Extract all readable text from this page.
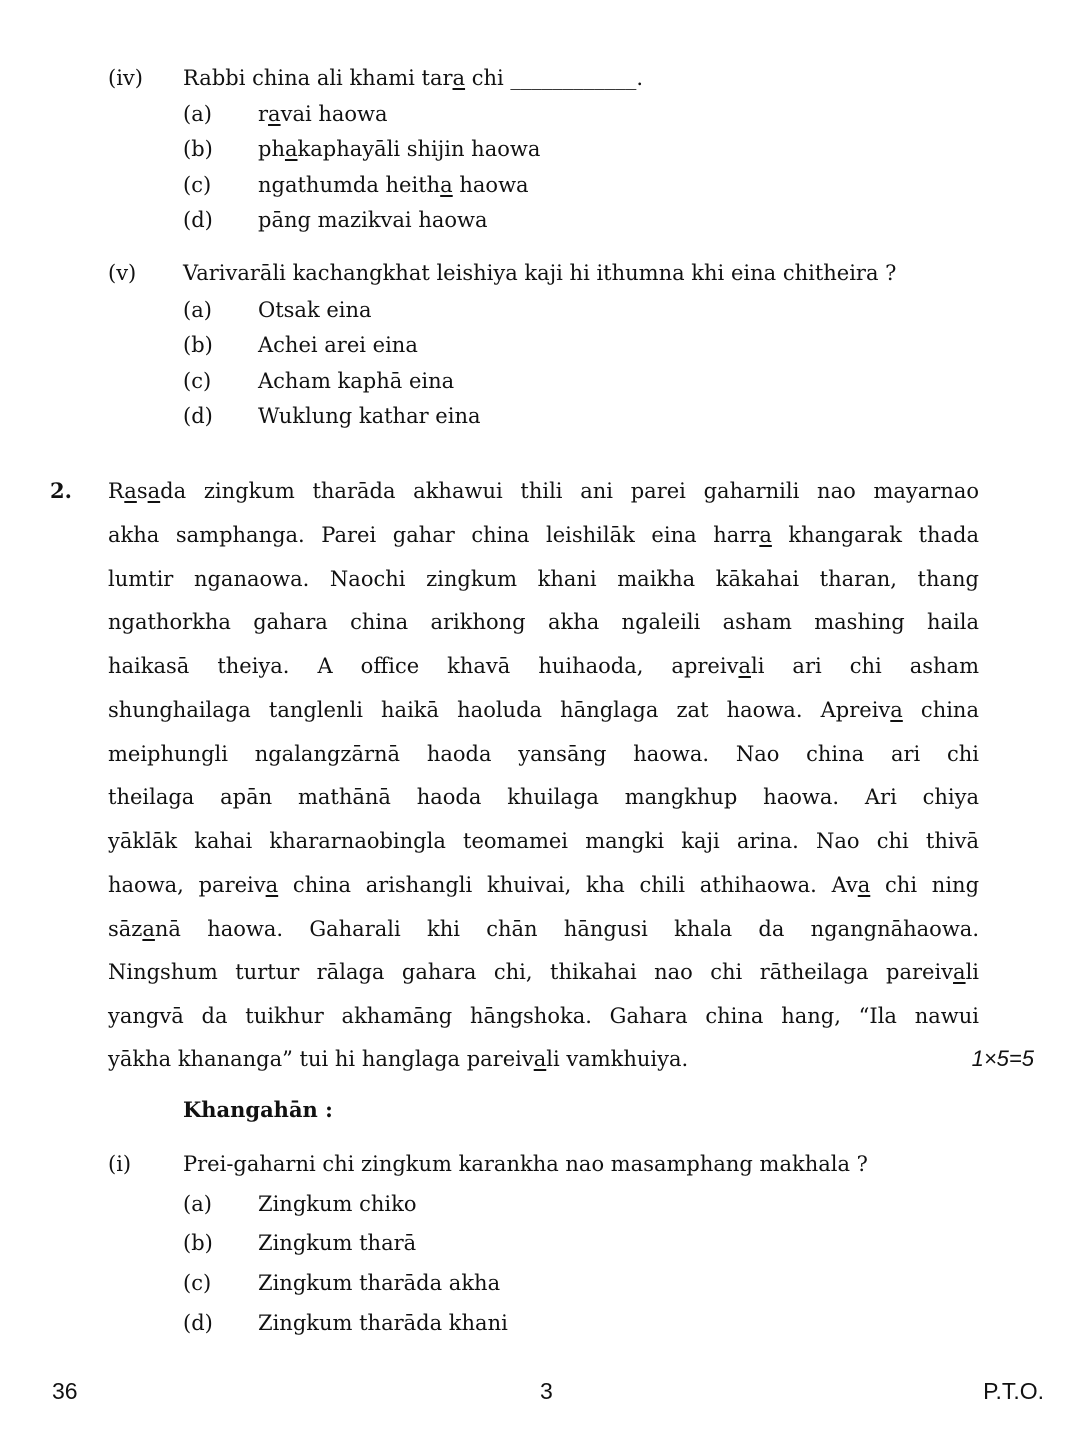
(iv) Rabbi china ali khami tara chi ____________.
(a) ravai haowa
(b) phakaphayāli shijin haowa
(c) ngathumda heitha haowa
(d) pāng mazikvai haowa
(v) Varivarāli kachangkhat leishiya kaji hi ithumna khi eina chitheira ?
(a) Otsak eina
(b) Achei arei eina
(c) Acham kaphā eina
(d) Wuklung kathar eina
2. Rasada zingkum tharāda akhawui thili ani parei gaharnili nao mayarnao
akha samphanga. Parei gahar china leishilāk eina harra khangarak thada
lumtir nganaowa. Naochi zingkum khani maikha kākahai tharan, thang
ngathorkha gahara china arikhong akha ngaleili asham mashing haila
haikasā theiya. A office khavā huihaoda, apreivali ari chi asham
shunghailaga tanglenli haikā haoluda hānglaga zat haowa. Apreiva china
meiphungli ngalangzārnā haoda yansāng haowa. Nao china ari chi
theilaga apān mathānā haoda khuilaga mangkhup haowa. Ari chiya
yāklāk kahai khararnaobingla teomamei mangki kaji arina. Nao chi thivā
haowa, pareiva china arishangli khuivai, kha chili athihaowa. Ava chi ning
sāzanā haowa. Gaharali khi chān hāngusi khala da ngangnāhaowa.
Ningshum turtur rālaga gahara chi, thikahai nao chi rātheilaga pareivali
yangvā da tuikhur akhamāng hāngshoka. Gahara china hang, “Ila nawui
yākha khananga” tui hi hanglaga pareivali vamkhuiya.	1×5=5
Khangahān :
(i) Prei-gaharni chi zingkum karankha nao masamphang makhala ?
(a) Zingkum chiko
(b) Zingkum tharā
(c) Zingkum tharāda akha
(d) Zingkum tharāda khani
36	3	P.T.O.
